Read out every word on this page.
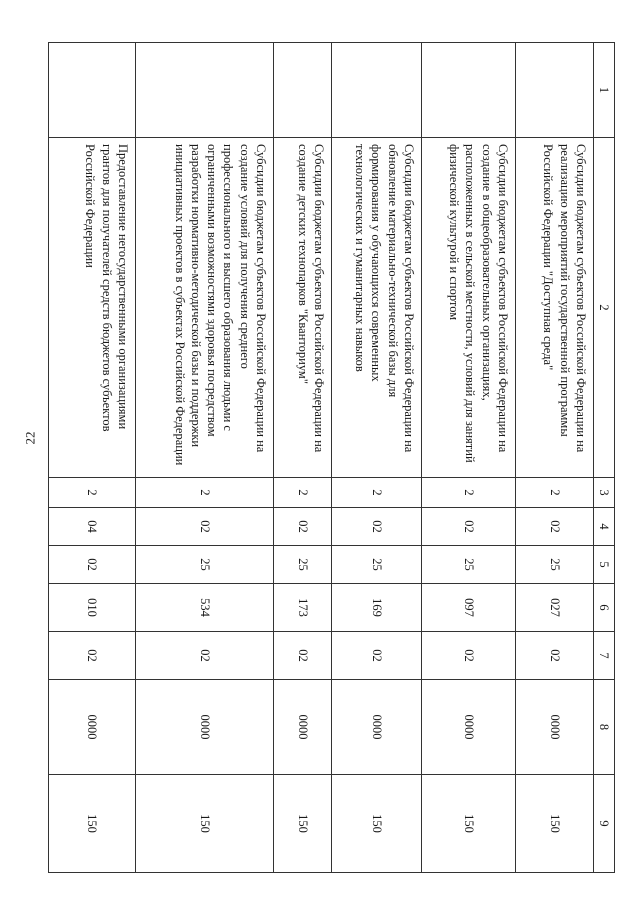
22
1	2	3	4	5	6	7	8	9
	Субсидии бюджетам субъектов Российской Федерации на реализацию мероприятий государственной программы Российской Федерации "Доступная среда"	2	02	25	027	02	0000	150
	Субсидии бюджетам субъектов Российской Федерации на создание в общеобразовательных организациях, расположенных в сельской местности, условий для занятий физической культурой и спортом	2	02	25	097	02	0000	150
	Субсидии бюджетам субъектов Российской Федерации на обновление материально-технической базы для формирования у обучающихся современных технологических и гуманитарных навыков	2	02	25	169	02	0000	150
	Субсидии бюджетам субъектов Российской Федерации на создание детских технопарков "Кванториум"	2	02	25	173	02	0000	150
	Субсидии бюджетам субъектов Российской Федерации на создание условий для получения среднего профессионального и высшего образования людьми с ограниченными возможностями здоровья посредством разработки нормативно-методической базы и поддержки инициативных проектов в субъектах Российской Федерации	2	02	25	534	02	0000	150
	Предоставление негосударственными организациями грантов для получателей средств бюджетов субъектов Российской Федерации	2	04	02	010	02	0000	150
